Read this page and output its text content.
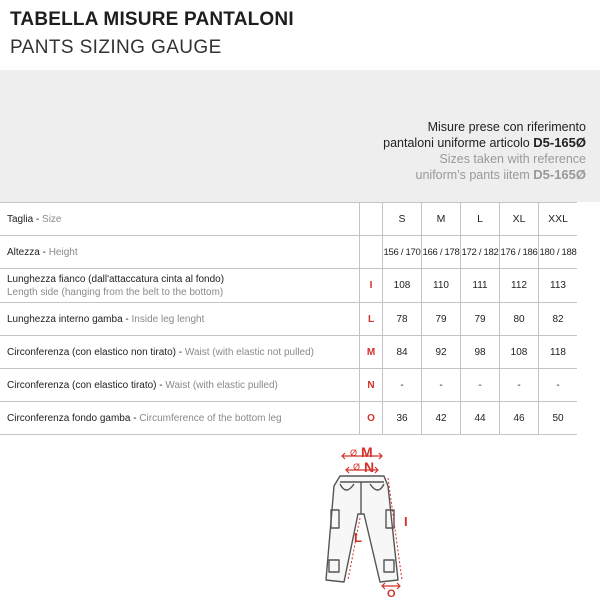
TABELLA MISURE PANTALONI
PANTS SIZING GAUGE
Misure prese con riferimento
pantaloni uniforme articolo D5-165Ø
Sizes taken with reference
uniform's pants iitem D5-165Ø
Taglia - Size		S	M	L	XL	XXL
Altezza - Height		156 / 170	166 / 178	172 / 182	176 / 186	180 / 188

Lunghezza fianco (dall'attaccatura cinta al fondo)
Length side (hanging from the belt to the bottom)	I	108	110	111	112	113
Lunghezza interno gamba - Inside leg lenght	L	78	79	79	80	82
Circonferenza (con elastico non tirato) - Waist (with elastic not pulled)	M	84	92	98	108	118
Circonferenza (con elastico tirato) - Waist (with elastic pulled)	N	-	-	-	-	-
Circonferenza fondo gamba - Circumference of the bottom leg	O	36	42	44	46	50
Ø M
Ø N
L
I
O
